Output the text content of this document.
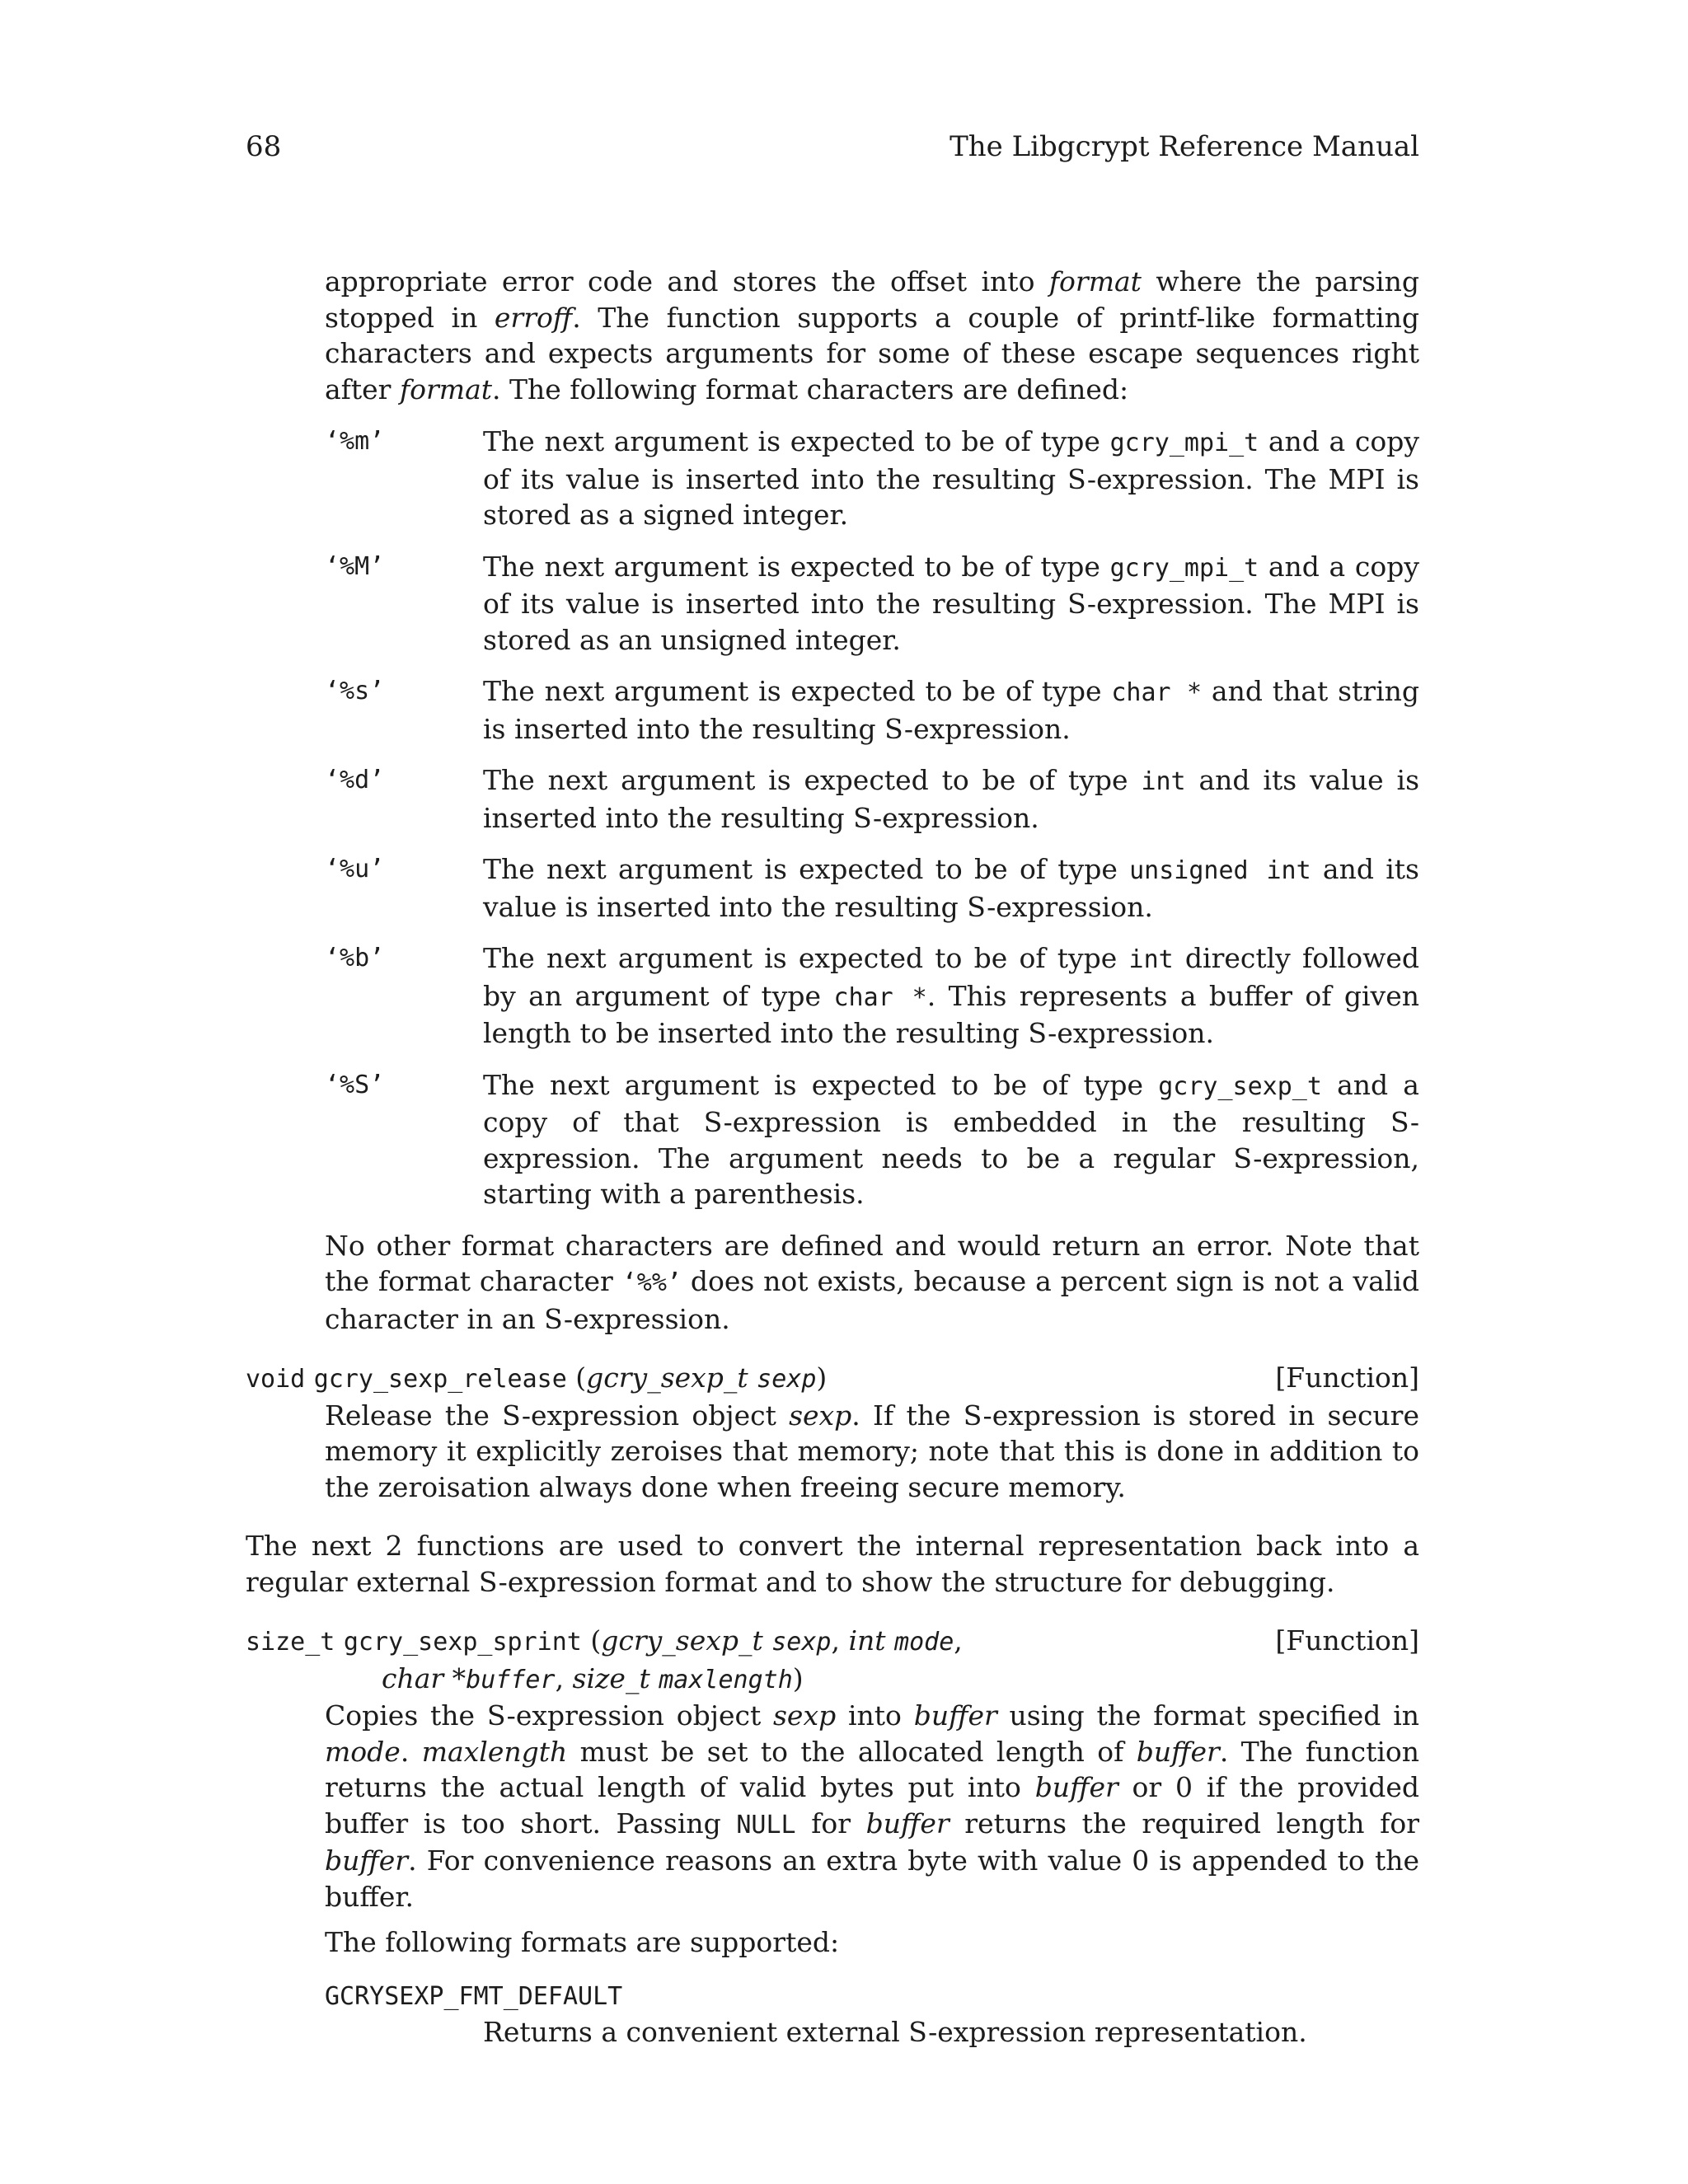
68	The Libgcrypt Reference Manual

appropriate error code and stores the offset into format where the parsing stopped in erroff. The function supports a couple of printf-like formatting characters and expects arguments for some of these escape sequences right after format. The following format characters are defined:

‘%m’	The next argument is expected to be of type gcry_mpi_t and a copy of its value is inserted into the resulting S-expression. The MPI is stored as a signed integer.

‘%M’	The next argument is expected to be of type gcry_mpi_t and a copy of its value is inserted into the resulting S-expression. The MPI is stored as an unsigned integer.

‘%s’	The next argument is expected to be of type char * and that string is inserted into the resulting S-expression.

‘%d’	The next argument is expected to be of type int and its value is inserted into the resulting S-expression.

‘%u’	The next argument is expected to be of type unsigned int and its value is inserted into the resulting S-expression.

‘%b’	The next argument is expected to be of type int directly followed by an argument of type char *. This represents a buffer of given length to be inserted into the resulting S-expression.

‘%S’	The next argument is expected to be of type gcry_sexp_t and a copy of that S-expression is embedded in the resulting S-expression. The argument needs to be a regular S-expression, starting with a parenthesis.

No other format characters are defined and would return an error. Note that the format character ‘%%’ does not exists, because a percent sign is not a valid character in an S-expression.

void gcry_sexp_release (gcry_sexp_t sexp)	[Function]

Release the S-expression object sexp. If the S-expression is stored in secure memory it explicitly zeroises that memory; note that this is done in addition to the zeroisation always done when freeing secure memory.

The next 2 functions are used to convert the internal representation back into a regular external S-expression format and to show the structure for debugging.

size_t gcry_sexp_sprint (gcry_sexp_t sexp, int mode,
char *buffer, size_t maxlength)
[Function]

Copies the S-expression object sexp into buffer using the format specified in mode. maxlength must be set to the allocated length of buffer. The function returns the actual length of valid bytes put into buffer or 0 if the provided buffer is too short. Passing NULL for buffer returns the required length for buffer. For convenience reasons an extra byte with value 0 is appended to the buffer.

The following formats are supported:

GCRYSEXP_FMT_DEFAULT

Returns a convenient external S-expression representation.
